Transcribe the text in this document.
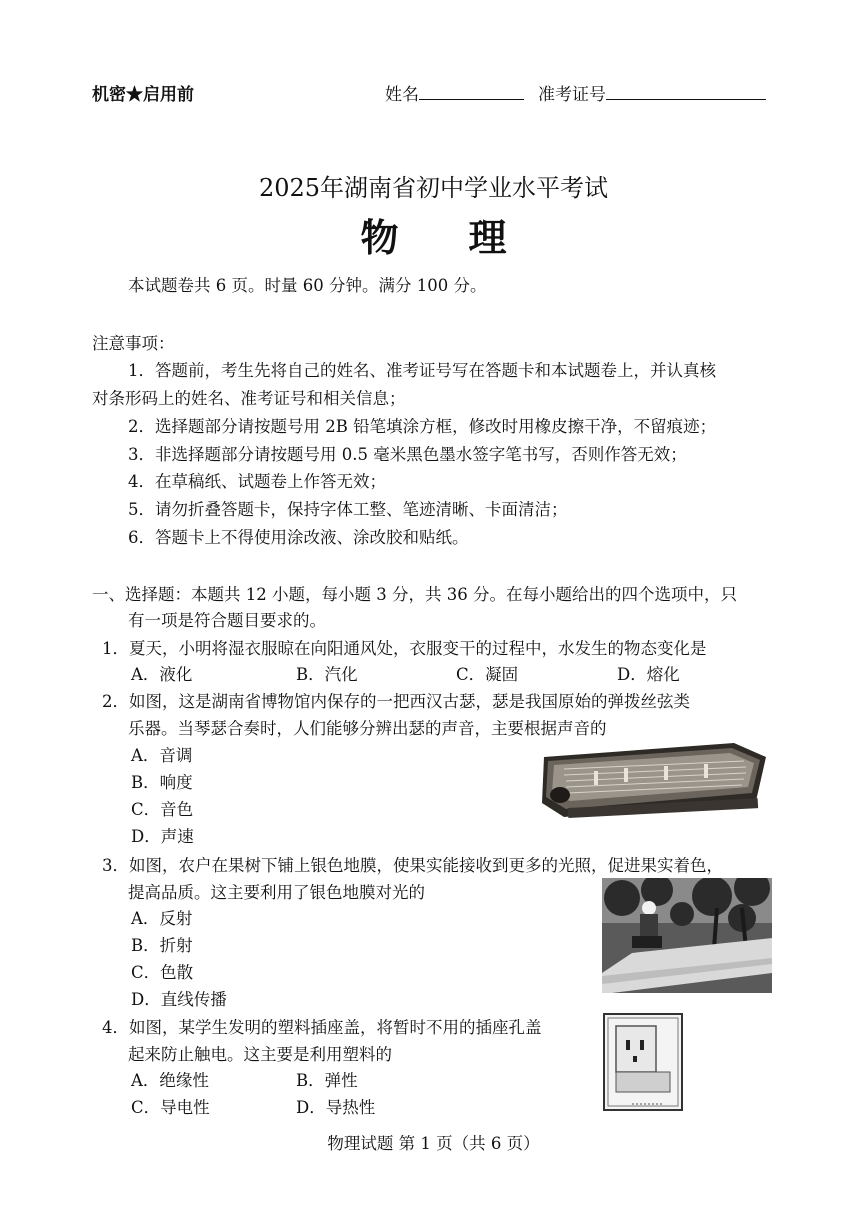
机密★启用前	姓名	准考证号
2025年湖南省初中学业水平考试
物理
本试题卷共 6 页。时量 60 分钟。满分 100 分。
注意事项：
1．答题前，考生先将自己的姓名、准考证号写在答题卡和本试题卷上，并认真核
对条形码上的姓名、准考证号和相关信息；
2．选择题部分请按题号用 2B 铅笔填涂方框，修改时用橡皮擦干净，不留痕迹；
3．非选择题部分请按题号用 0.5 毫米黑色墨水签字笔书写，否则作答无效；
4．在草稿纸、试题卷上作答无效；
5．请勿折叠答题卡，保持字体工整、笔迹清晰、卡面清洁；
6．答题卡上不得使用涂改液、涂改胶和贴纸。
一、选择题：本题共 12 小题，每小题 3 分，共 36 分。在每小题给出的四个选项中，只
有一项是符合题目要求的。
1．夏天，小明将湿衣服晾在向阳通风处，衣服变干的过程中，水发生的物态变化是
A．液化	B．汽化	C．凝固	D．熔化
2．如图，这是湖南省博物馆内保存的一把西汉古瑟，瑟是我国原始的弹拨丝弦类
乐器。当琴瑟合奏时，人们能够分辨出瑟的声音，主要根据声音的
A．音调
B．响度
C．音色
D．声速
3．如图，农户在果树下铺上银色地膜，使果实能接收到更多的光照，促进果实着色，
提高品质。这主要利用了银色地膜对光的
A．反射
B．折射
C．色散
D．直线传播
4．如图，某学生发明的塑料插座盖，将暂时不用的插座孔盖
起来防止触电。这主要是利用塑料的
A．绝缘性	B．弹性
C．导电性	D．导热性
物理试题 第 1 页（共 6 页）
